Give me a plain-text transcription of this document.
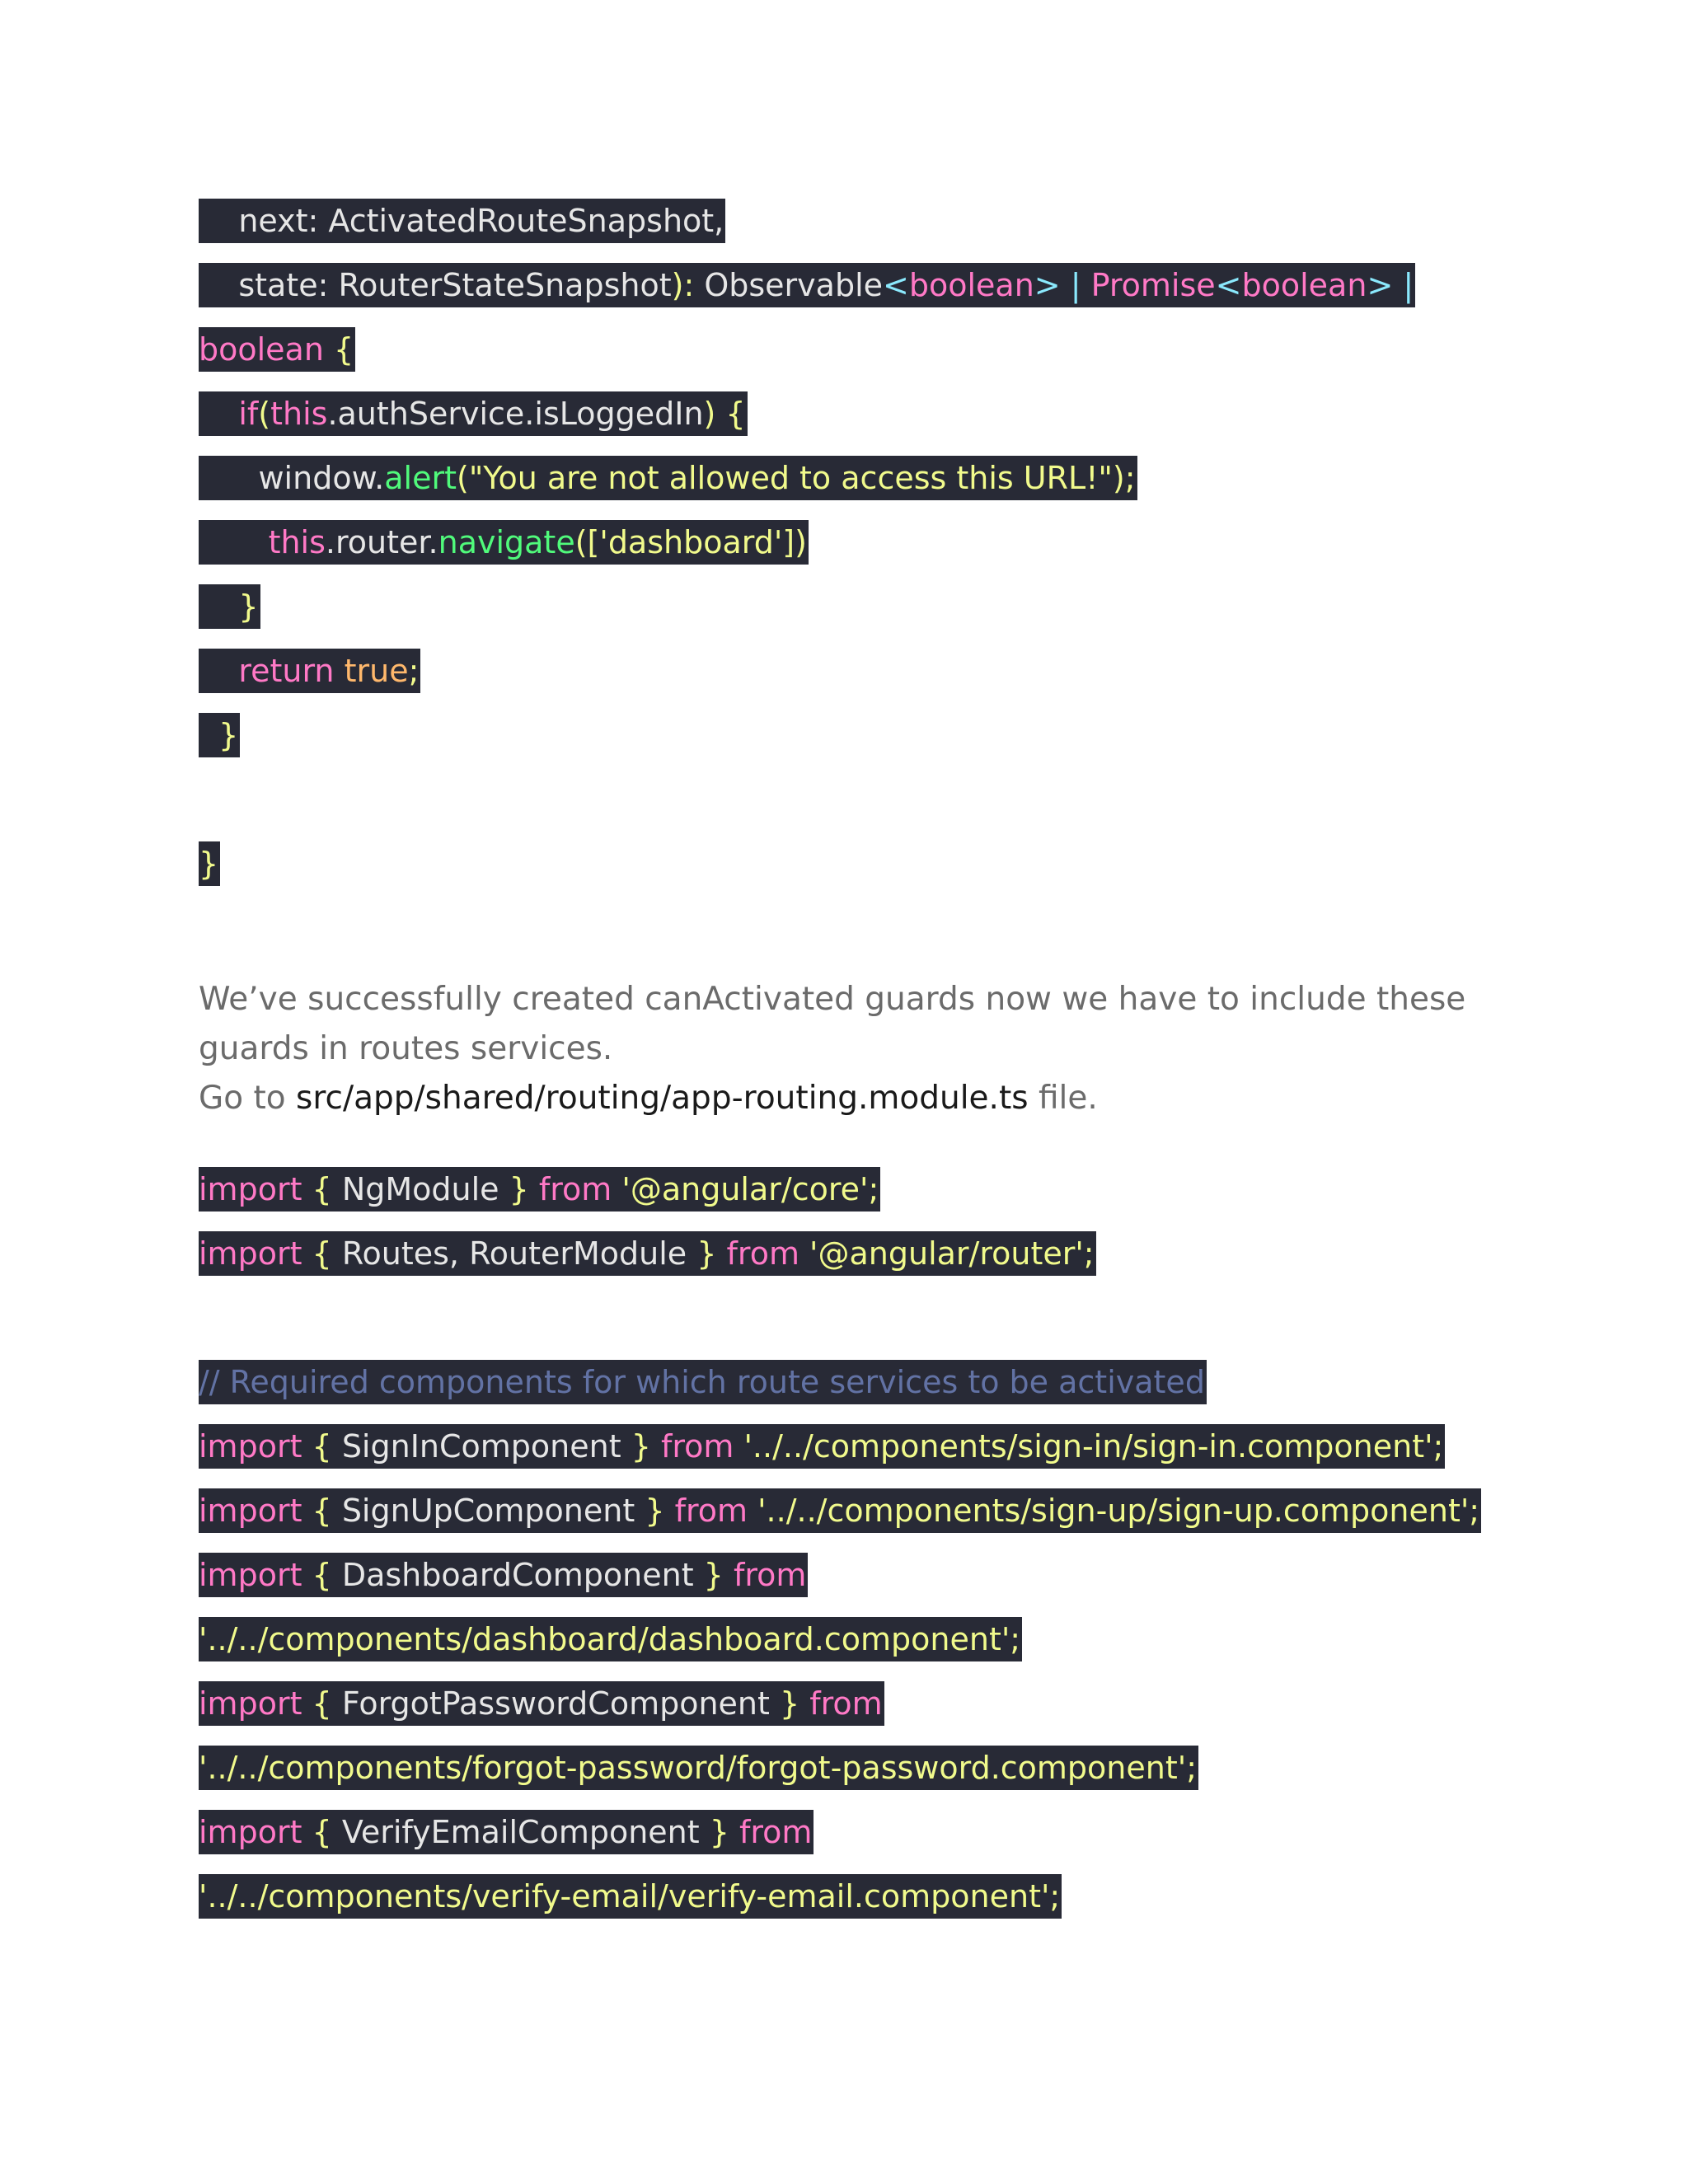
next: ActivatedRouteSnapshot,
state: RouterStateSnapshot): Observable<boolean> | Promise<boolean> |
boolean {
if(this.authService.isLoggedIn) {
window.alert("You are not allowed to access this URL!");
this.router.navigate(['dashboard'])
}
return true;
}
}

We’ve successfully created canActivated guards now we have to include these guards in routes services.

Go to src/app/shared/routing/app-routing.module.ts file.

import { NgModule } from '@angular/core';
import { Routes, RouterModule } from '@angular/router';
// Required components for which route services to be activated
import { SignInComponent } from '../../components/sign-in/sign-in.component';
import { SignUpComponent } from '../../components/sign-up/sign-up.component';
import { DashboardComponent } from
'../../components/dashboard/dashboard.component';
import { ForgotPasswordComponent } from
'../../components/forgot-password/forgot-password.component';
import { VerifyEmailComponent } from
'../../components/verify-email/verify-email.component';
